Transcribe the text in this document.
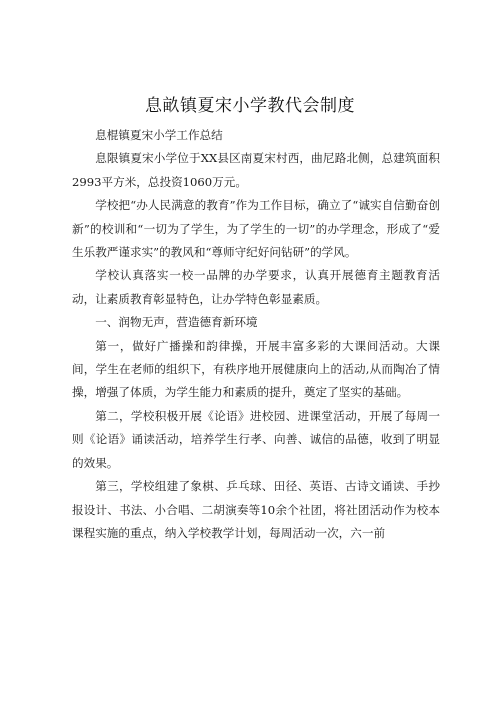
息畝镇夏宋小学教代会制度

息棍镇夏宋小学工作总结

息限镇夏宋小学位于XX县区南夏宋村西，曲尼路北侧，总建筑面积2993平方米，总投资1060万元。

学校把“办人民满意的教育”作为工作目标，确立了“诚实自信勤奋创新”的校训和“一切为了学生，为了学生的一切”的办学理念，形成了“爱生乐教严谨求实”的教风和“尊师守纪好问钻研”的学风。

学校认真落实一校一品牌的办学要求，认真开展德育主题教育活动，让素质教育彰显特色，让办学特色彰显素质。

一、润物无声，营造德育新环境

第一，做好广播操和韵律操，开展丰富多彩的大课间活动。大课间，学生在老师的组织下，有秩序地开展健康向上的活动,从而陶冶了情操，增强了体质，为学生能力和素质的提升，奠定了坚实的基础。

第二，学校积极开展《论语》进校园、进课堂活动，开展了每周一则《论语》诵读活动，培养学生行孝、向善、诚信的品德，收到了明显的效果。

第三，学校组建了象棋、乒乓球、田径、英语、古诗文诵读、手抄报设计、书法、小合唱、二胡演奏等10余个社团，将社团活动作为校本课程实施的重点，纳入学校教学计划，每周活动一次，六一前
